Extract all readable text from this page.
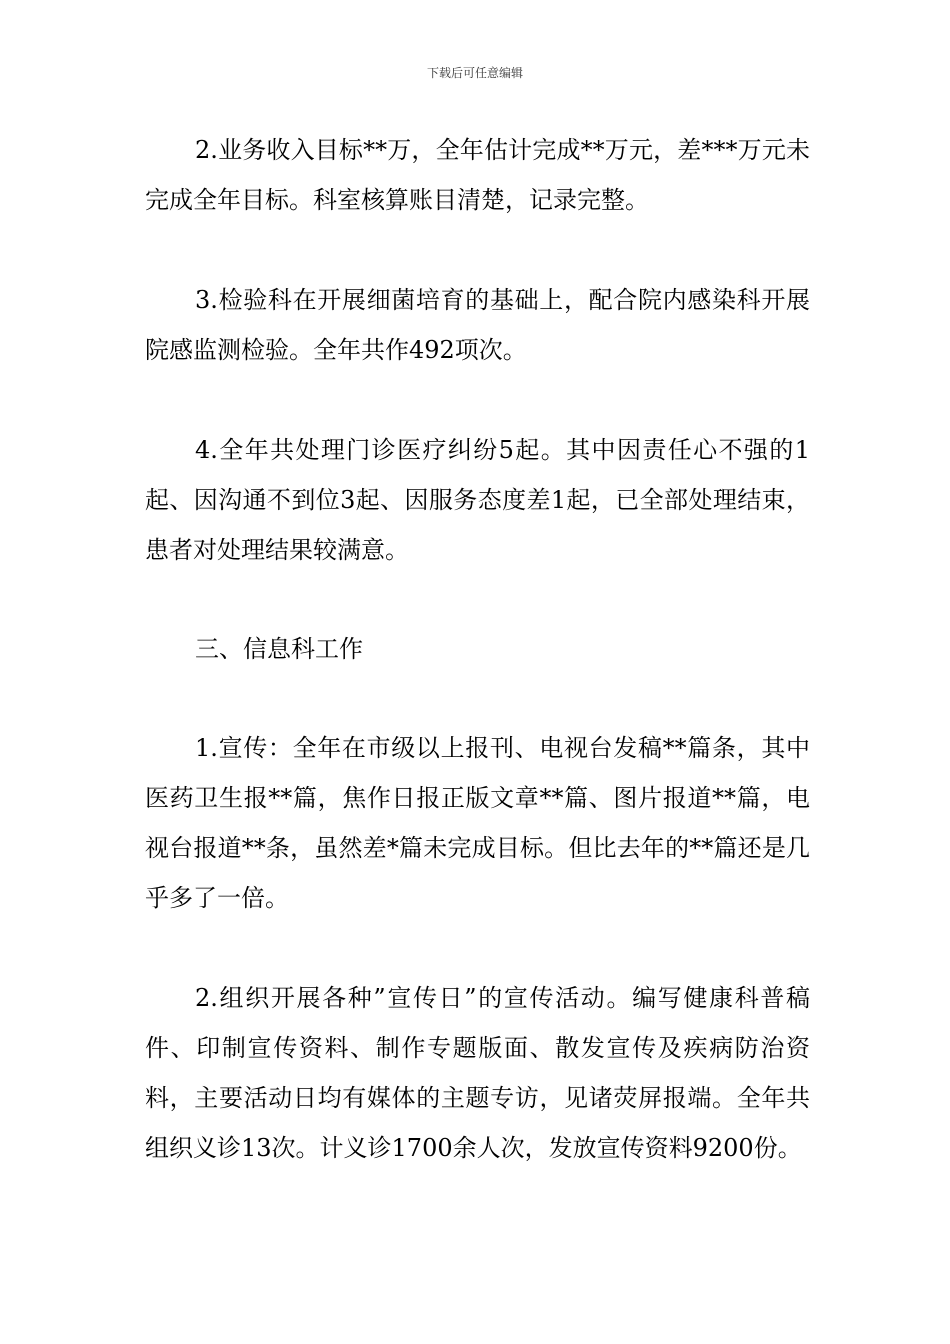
下载后可任意编辑

2.业务收入目标**万，全年估计完成**万元，差***万元未完成全年目标。科室核算账目清楚，记录完整。

3.检验科在开展细菌培育的基础上，配合院内感染科开展院感监测检验。全年共作492项次。

4.全年共处理门诊医疗纠纷5起。其中因责任心不强的1起、因沟通不到位3起、因服务态度差1起，已全部处理结束，患者对处理结果较满意。

三、信息科工作

1.宣传：全年在市级以上报刊、电视台发稿**篇条，其中医药卫生报**篇，焦作日报正版文章**篇、图片报道**篇，电视台报道**条，虽然差*篇未完成目标。但比去年的**篇还是几乎多了一倍。

2.组织开展各种”宣传日”的宣传活动。编写健康科普稿件、印制宣传资料、制作专题版面、散发宣传及疾病防治资料，主要活动日均有媒体的主题专访，见诸荧屏报端。全年共组织义诊13次。计义诊1700余人次，发放宣传资料9200份。
